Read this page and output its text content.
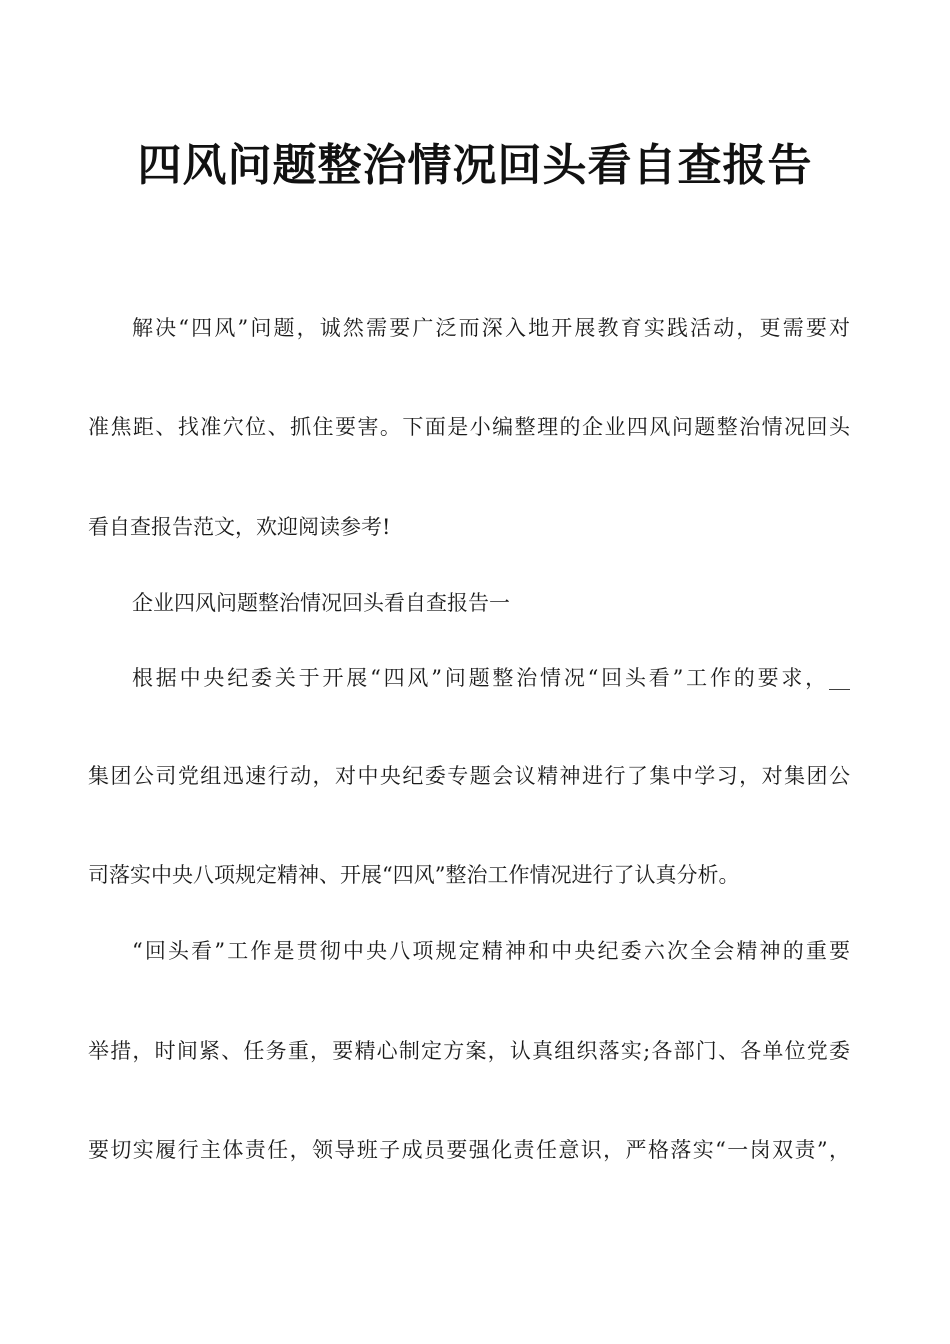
四风问题整治情况回头看自查报告
解决“四风”问题，诚然需要广泛而深入地开展教育实践活动，更需要对
准焦距、找准穴位、抓住要害。下面是小编整理的企业四风问题整治情况回头
看自查报告范文，欢迎阅读参考!
企业四风问题整治情况回头看自查报告一
根据中央纪委关于开展“四风”问题整治情况“回头看”工作的要求，__
集团公司党组迅速行动，对中央纪委专题会议精神进行了集中学习，对集团公
司落实中央八项规定精神、开展“四风”整治工作情况进行了认真分析。
“回头看”工作是贯彻中央八项规定精神和中央纪委六次全会精神的重要
举措，时间紧、任务重，要精心制定方案，认真组织落实;各部门、各单位党委
要切实履行主体责任，领导班子成员要强化责任意识，严格落实“一岗双责”，
